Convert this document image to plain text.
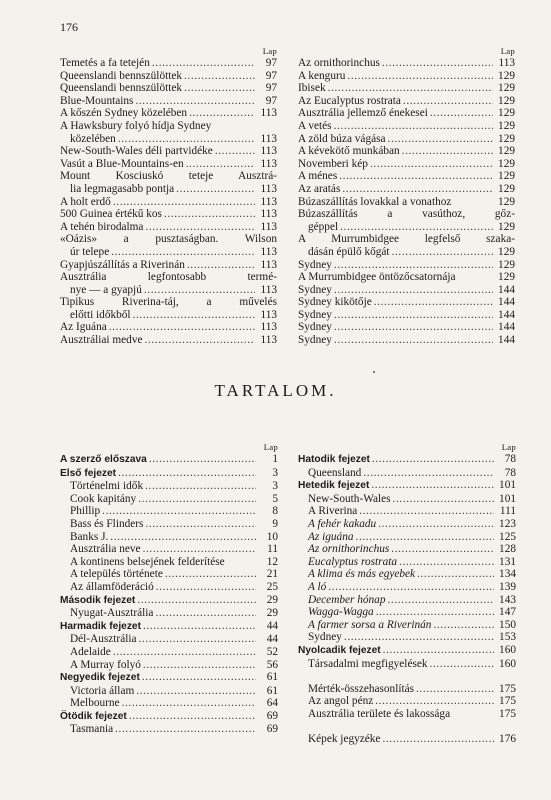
176
Lap
Temetés a fa tetején .....	97
Queenslandi bennszülöttek .....	97
Queenslandi bennszülöttek .....	97
Blue-Mountains .....	97
A kőszén Sydney közelében .....	113
A Hawksbury folyó hídja Sydney
közelében .....	113
New-South-Wales déli partvidéke .....	113
Vasút a Blue-Mountains-en .....	113
Mount Kosciuskó teteje Ausztrá-
lia legmagasabb pontja .....	113
A holt erdő .....	113
500 Guinea értékű kos .....	113
A tehén birodalma .....	113
«Oázis» a pusztaságban. Wilson
úr telepe .....	113
Gyapjúszállítás a Riverinán .....	113
Ausztrália legfontosabb termé-
nye — a gyapjú .....	113
Tipikus Riverina-táj, a művelés
előtti időkből .....	113
Az Iguána .....	113
Ausztráliai medve .....	113
Lap
Az ornithorinchus .....	113
A kenguru .....	129
Ibisek .....	129
Az Eucalyptus rostrata .....	129
Ausztrália jellemző énekesei .....	129
A vetés .....	129
A zöld búza vágása .....	129
A kévekötő munkában .....	129
Novemberi kép .....	129
A ménes .....	129
Az aratás .....	129
Búzaszállítás lovakkal a vonathoz	129
Búzaszállítás a vasúthoz, gőz-
géppel .....	129
A Murrumbidgee legfelső szaka-
dásán épülő kőgát .....	129
Sydney .....	129
A Murrumbidgee öntözőcsatornája	129
Sydney .....	144
Sydney kikötője .....	144
Sydney .....	144
Sydney .....	144
Sydney .....	144
TARTALOM.
Lap
A szerző előszava .....	1
Első fejezet .....	3
Történelmi idők .....	3
Cook kapitány .....	5
Phillip .....	8
Bass és Flinders .....	9
Banks J. .....	10
Ausztrália neve .....	11
A kontinens belsejének felderítése	12
A település története .....	21
Az államföderáció .....	25
Második fejezet .....	29
Nyugat-Ausztrália .....	29
Harmadik fejezet .....	44
Dél-Ausztrália .....	44
Adelaide .....	52
A Murray folyó .....	56
Negyedik fejezet .....	61
Victoria állam .....	61
Melbourne .....	64
Ötödik fejezet .....	69
Tasmania .....	69
Lap
Hatodik fejezet .....	78
Queensland .....	78
Hetedik fejezet .....	101
New-South-Wales .....	101
A Riverina .....	111
A fehér kakadu .....	123
Az iguána .....	125
Az ornithorinchus .....	128
Eucalyptus rostrata .....	131
A klima és más egyebek .....	134
A ló .....	139
December hónap .....	143
Wagga-Wagga .....	147
A farmer sorsa a Riverinán .....	150
Sydney .....	153
Nyolcadik fejezet .....	160
Társadalmi megfigyelések .....	160

Mérték-összehasonlítás .....	175
Az angol pénz .....	175
Ausztrália területe és lakossága	175

Képek jegyzéke .....	176
